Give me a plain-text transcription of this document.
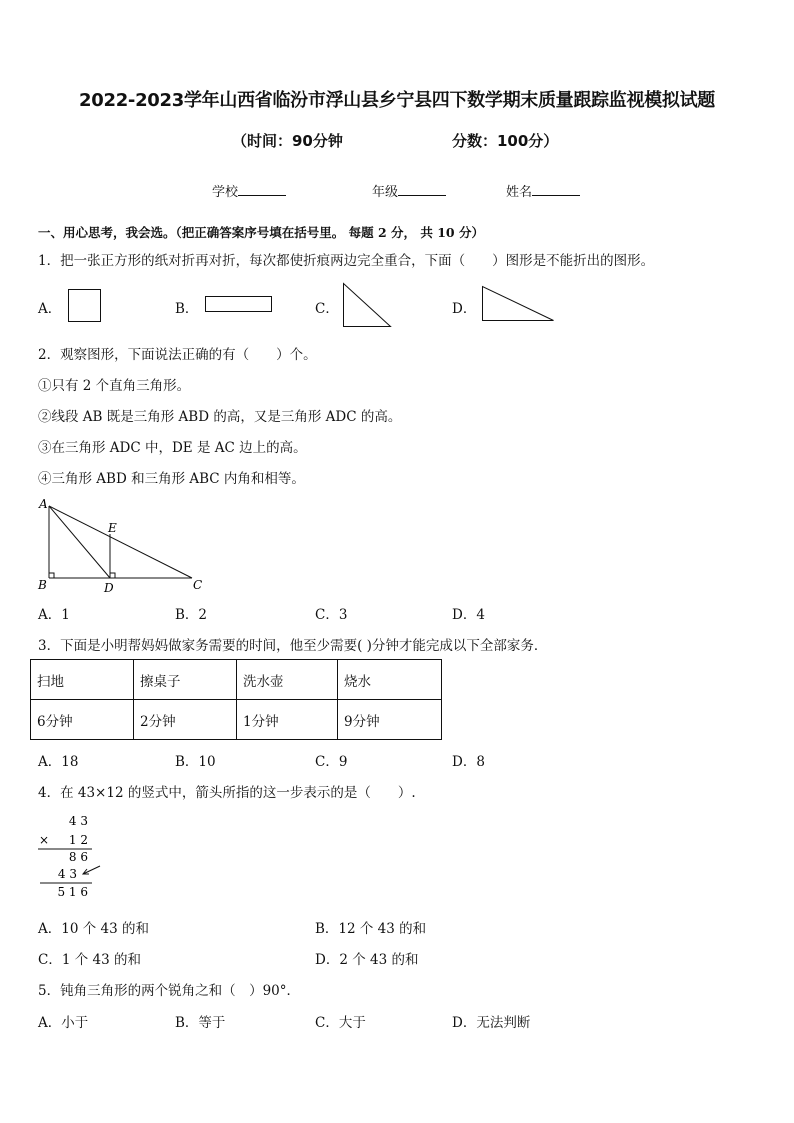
2022-2023学年山西省临汾市浮山县乡宁县四下数学期末质量跟踪监视模拟试题
（时间：90分钟	分数：100分）
学校	年级	姓名
一、用心思考，我会选。（把正确答案序号填在括号里。 每题 2 分， 共 10 分）
1．把一张正方形的纸对折再对折，每次都使折痕两边完全重合，下面（　　）图形是不能折出的图形。
A．	B．	C．	D．
2．观察图形，下面说法正确的有（　　）个。
①只有 2 个直角三角形。
②线段 AB 既是三角形 ABD 的高，又是三角形 ADC 的高。
③在三角形 ADC 中，DE 是 AC 边上的高。
④三角形 ABD 和三角形 ABC 内角和相等。
A
E
B	D	C
A．1	B．2	C．3	D．4
3．下面是小明帮妈妈做家务需要的时间，他至少需要( )分钟才能完成以下全部家务．
扫地	擦桌子	洗水壶	烧水
6分钟	2分钟	1分钟	9分钟
A．18	B．10	C．9	D．8
4．在 43×12 的竖式中，箭头所指的这一步表示的是（　　）.
4 3
× 1 2
8 6
4 3
5 1 6
A．10 个 43 的和	B．12 个 43 的和
C．1 个 43 的和	D．2 个 43 的和
5．钝角三角形的两个锐角之和（　）90°．
A．小于	B．等于	C．大于	D．无法判断
